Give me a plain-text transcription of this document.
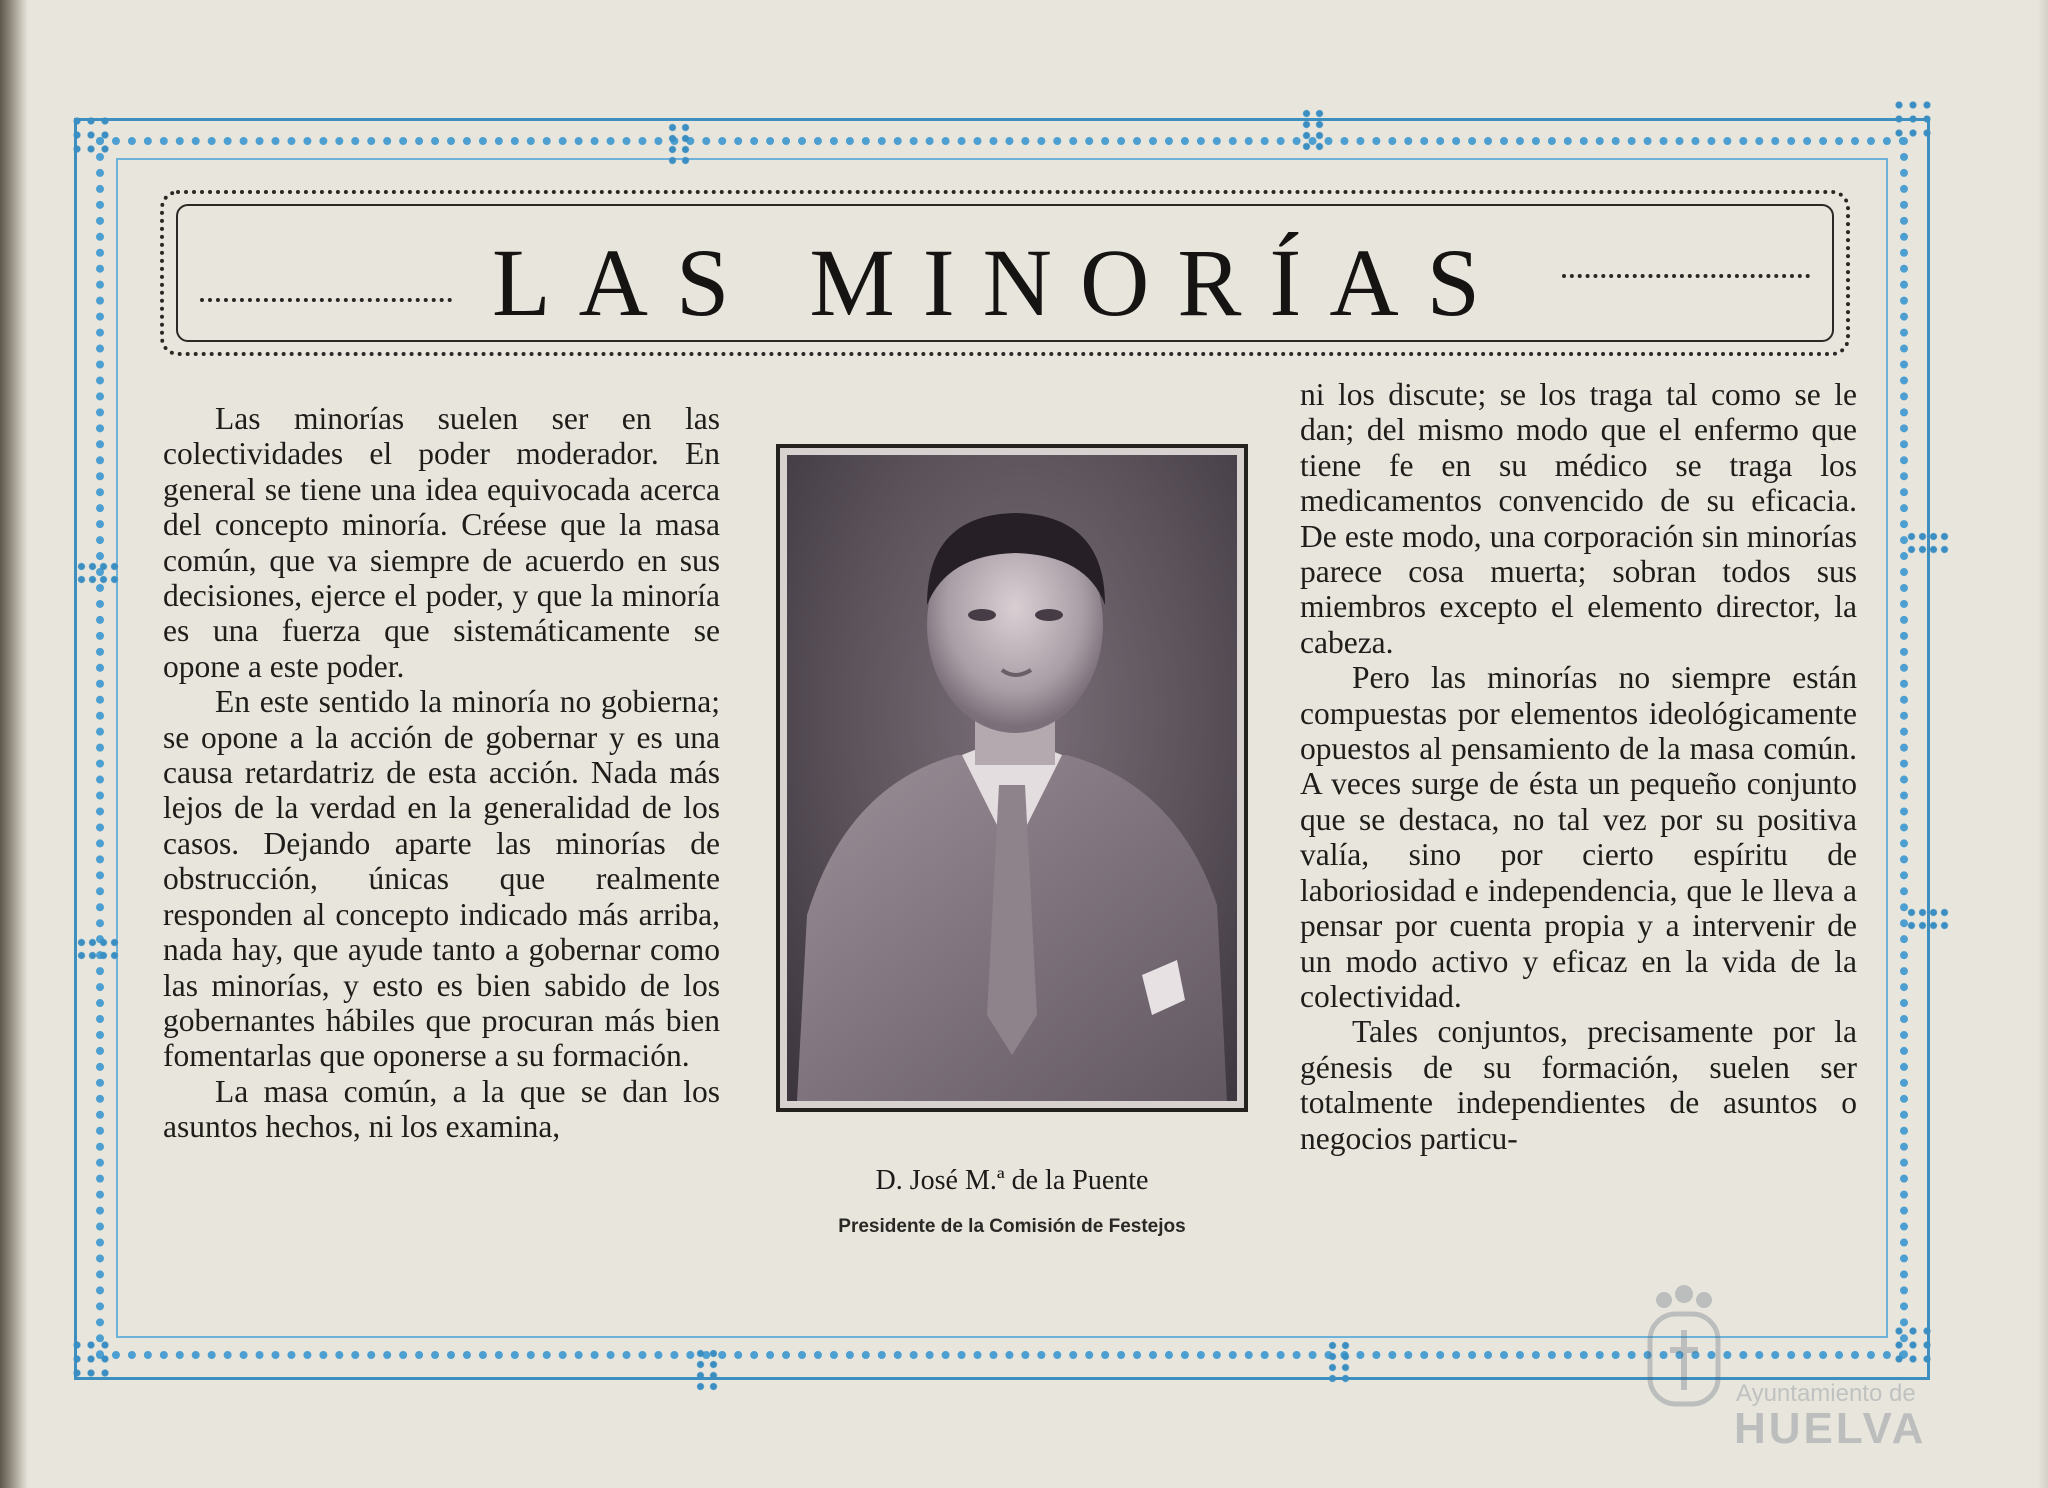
LAS MINORÍAS

Las minorías suelen ser en las colectividades el poder moderador. En general se tiene una idea equivocada acerca del concepto minoría. Créese que la masa común, que va siempre de acuerdo en sus decisiones, ejerce el poder, y que la minoría es una fuerza que sistemáticamente se opone a este poder.

En este sentido la minoría no gobierna; se opone a la acción de gobernar y es una causa retardatriz de esta acción. Nada más lejos de la verdad en la generalidad de los casos. Dejando aparte las minorías de obstrucción, únicas que realmente responden al concepto indicado más arriba, nada hay, que ayude tanto a gobernar como las minorías, y esto es bien sabido de los gobernantes hábiles que procuran más bien fomentarlas que oponerse a su formación.

La masa común, a la que se dan los asuntos hechos, ni los examina,

D. José M.ª de la Puente

Presidente de la Comisión de Festejos

ni los discute; se los traga tal como se le dan; del mismo modo que el enfermo que tiene fe en su médico se traga los medicamentos convencido de su eficacia. De este modo, una corporación sin minorías parece cosa muerta; sobran todos sus miembros excepto el elemento director, la cabeza.

Pero las minorías no siempre están compuestas por elementos ideológicamente opuestos al pensamiento de la masa común. A veces surge de ésta un pequeño conjunto que se destaca, no tal vez por su positiva valía, sino por cierto espíritu de laboriosidad e independencia, que le lleva a pensar por cuenta propia y a intervenir de un modo activo y eficaz en la vida de la colectividad.

Tales conjuntos, precisamente por la génesis de su formación, suelen ser totalmente independientes de asuntos o negocios particu-

Ayuntamiento de

HUELVA
